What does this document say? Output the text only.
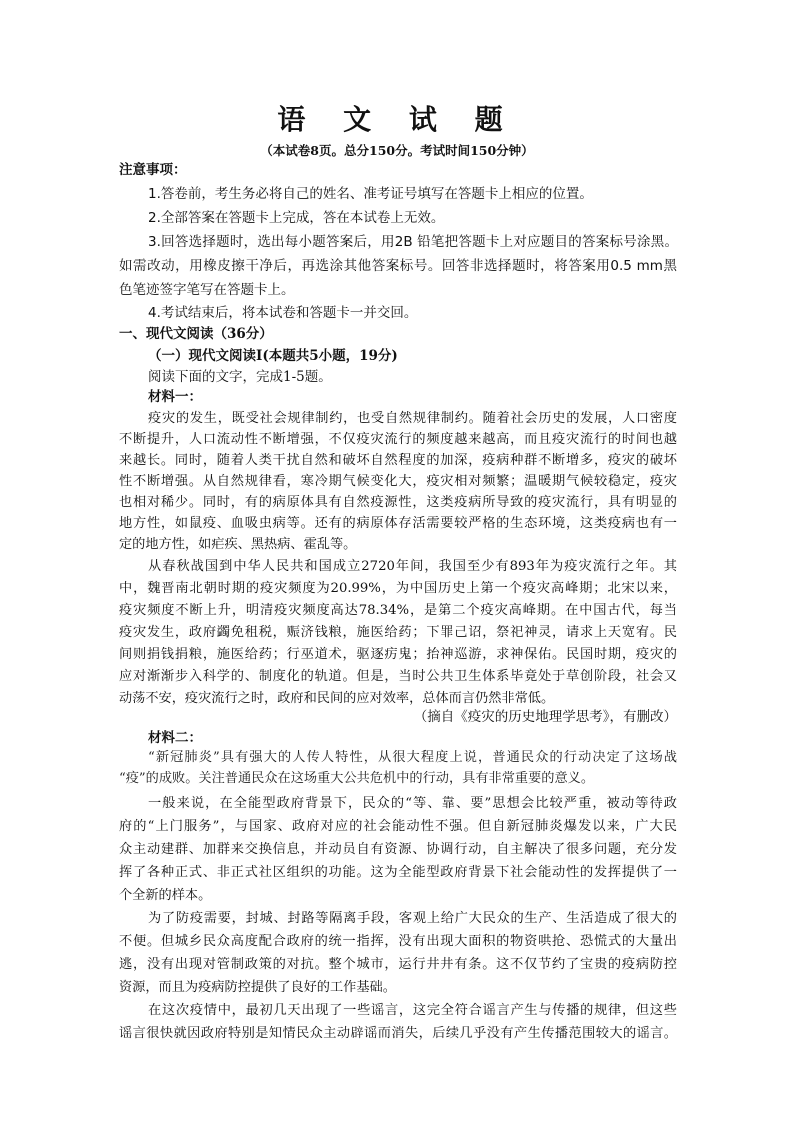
语 文 试 题
（本试卷8页。总分150分。考试时间150分钟）
注意事项：
1.答卷前，考生务必将自己的姓名、准考证号填写在答题卡上相应的位置。
2.全部答案在答题卡上完成，答在本试卷上无效。
3.回答选择题时，选出每小题答案后，用2B 铅笔把答题卡上对应题目的答案标号涂黑。
如需改动，用橡皮擦干净后，再选涂其他答案标号。回答非选择题时，将答案用0.5 mm黑
色笔迹签字笔写在答题卡上。
4.考试结束后，将本试卷和答题卡一并交回。
一、现代文阅读（36分）
（一）现代文阅读Ⅰ(本题共5小题，19分)
阅读下面的文字，完成1-5题。
材料一：
疫灾的发生，既受社会规律制约，也受自然规律制约。随着社会历史的发展，人口密度
不断提升，人口流动性不断增强，不仅疫灾流行的频度越来越高，而且疫灾流行的时间也越
来越长。同时，随着人类干扰自然和破坏自然程度的加深，疫病种群不断增多，疫灾的破坏
性不断增强。从自然规律看，寒冷期气候变化大，疫灾相对频繁；温暖期气候较稳定，疫灾
也相对稀少。同时，有的病原体具有自然疫源性，这类疫病所导致的疫灾流行，具有明显的
地方性，如鼠疫、血吸虫病等。还有的病原体存活需要较严格的生态环境，这类疫病也有一
定的地方性，如疟疾、黑热病、霍乱等。
从春秋战国到中华人民共和国成立2720年间，我国至少有893年为疫灾流行之年。其
中，魏晋南北朝时期的疫灾频度为20.99%，为中国历史上第一个疫灾高峰期；北宋以来，
疫灾频度不断上升，明清疫灾频度高达78.34%，是第二个疫灾高峰期。在中国古代，每当
疫灾发生，政府蠲免租税，赈济钱粮，施医给药；下罪己诏，祭祀神灵，请求上天宽宥。民
间则捐钱捐粮，施医给药；行巫道术，驱逐疠鬼；抬神巡游，求神保佑。民国时期，疫灾的
应对渐渐步入科学的、制度化的轨道。但是，当时公共卫生体系毕竟处于草创阶段，社会又
动荡不安，疫灾流行之时，政府和民间的应对效率，总体而言仍然非常低。
（摘自《疫灾的历史地理学思考》，有删改）
材料二：
“新冠肺炎”具有强大的人传人特性，从很大程度上说，普通民众的行动决定了这场战
“疫”的成败。关注普通民众在这场重大公共危机中的行动，具有非常重要的意义。
一般来说，在全能型政府背景下，民众的“等、靠、要”思想会比较严重，被动等待政
府的“上门服务”，与国家、政府对应的社会能动性不强。但自新冠肺炎爆发以来，广大民
众主动建群、加群来交换信息，并动员自有资源、协调行动，自主解决了很多问题，充分发
挥了各种正式、非正式社区组织的功能。这为全能型政府背景下社会能动性的发挥提供了一
个全新的样本。
为了防疫需要，封城、封路等隔离手段，客观上给广大民众的生产、生活造成了很大的
不便。但城乡民众高度配合政府的统一指挥，没有出现大面积的物资哄抢、恐慌式的大量出
逃，没有出现对管制政策的对抗。整个城市，运行井井有条。这不仅节约了宝贵的疫病防控
资源，而且为疫病防控提供了良好的工作基础。
在这次疫情中，最初几天出现了一些谣言，这完全符合谣言产生与传播的规律，但这些
谣言很快就因政府特别是知情民众主动辟谣而消失，后续几乎没有产生传播范围较大的谣言。
